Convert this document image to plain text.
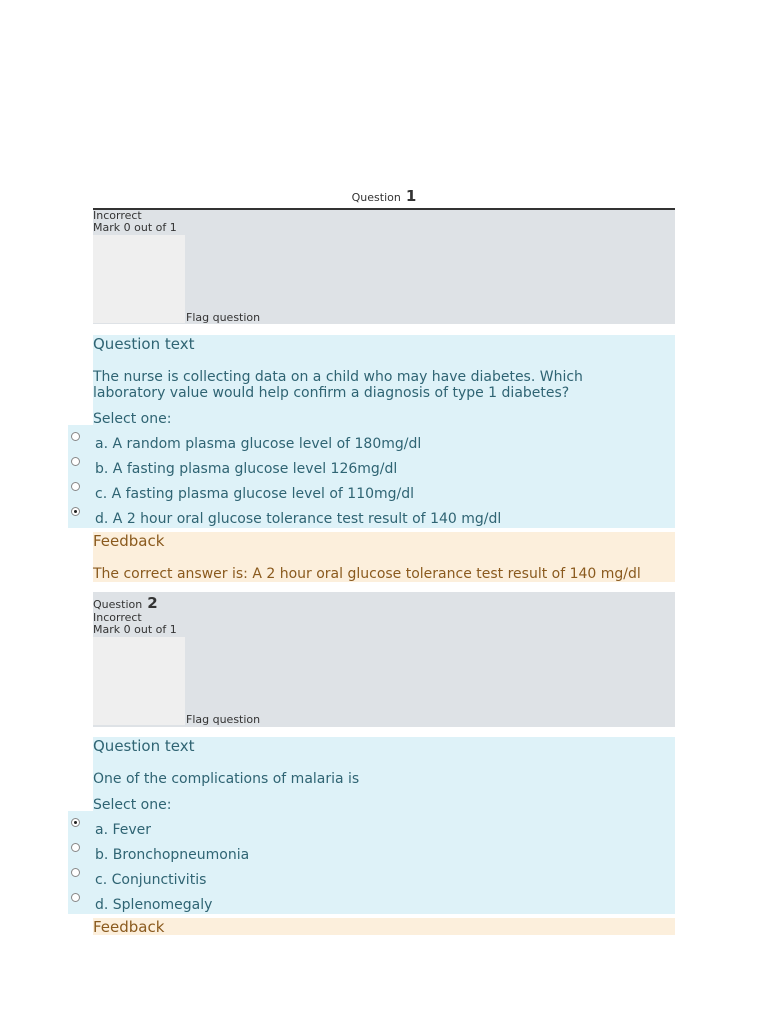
Question 1
Incorrect
Mark 0 out of 1
Flag question
Question text
The nurse is collecting data on a child who may have diabetes. Which laboratory value would help confirm a diagnosis of type 1 diabetes?
Select one:
a. A random plasma glucose level of 180mg/dl
b. A fasting plasma glucose level 126mg/dl
c. A fasting plasma glucose level of 110mg/dl
d. A 2 hour oral glucose tolerance test result of 140 mg/dl
Feedback
The correct answer is: A 2 hour oral glucose tolerance test result of 140 mg/dl
Question 2
Incorrect
Mark 0 out of 1
Flag question
Question text
One of the complications of malaria is
Select one:
a. Fever
b. Bronchopneumonia
c. Conjunctivitis
d. Splenomegaly
Feedback
